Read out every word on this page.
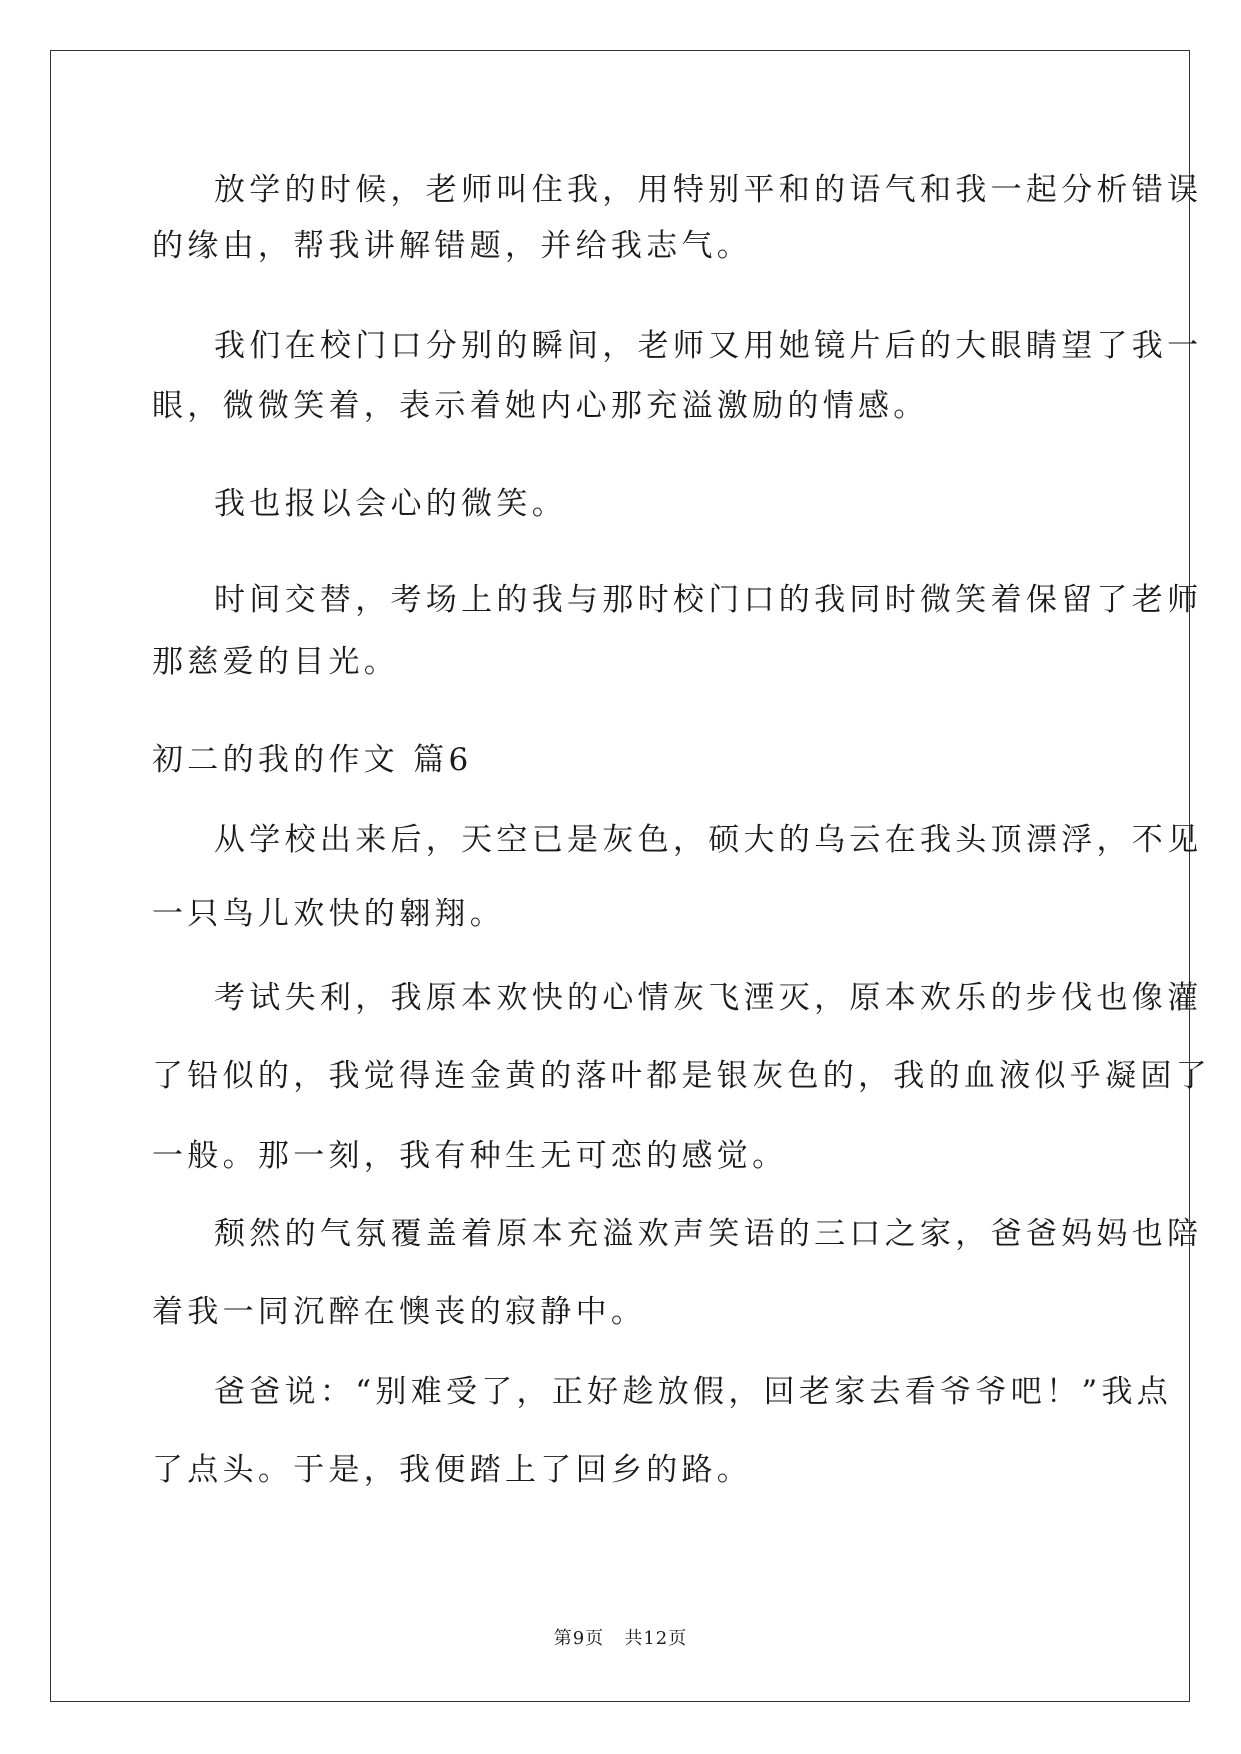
放学的时候，老师叫住我，用特别平和的语气和我一起分析错误
的缘由，帮我讲解错题，并给我志气。
我们在校门口分别的瞬间，老师又用她镜片后的大眼睛望了我一
眼，微微笑着，表示着她内心那充溢激励的情感。
我也报以会心的微笑。
时间交替，考场上的我与那时校门口的我同时微笑着保留了老师
那慈爱的目光。
初二的我的作文 篇6
从学校出来后，天空已是灰色，硕大的乌云在我头顶漂浮，不见
一只鸟儿欢快的翱翔。
考试失利，我原本欢快的心情灰飞湮灭，原本欢乐的步伐也像灌
了铅似的，我觉得连金黄的落叶都是银灰色的，我的血液似乎凝固了
一般。那一刻，我有种生无可恋的感觉。
颓然的气氛覆盖着原本充溢欢声笑语的三口之家，爸爸妈妈也陪
着我一同沉醉在懊丧的寂静中。
爸爸说：“别难受了，正好趁放假，回老家去看爷爷吧！”我点
了点头。于是，我便踏上了回乡的路。
第9页 共12页
